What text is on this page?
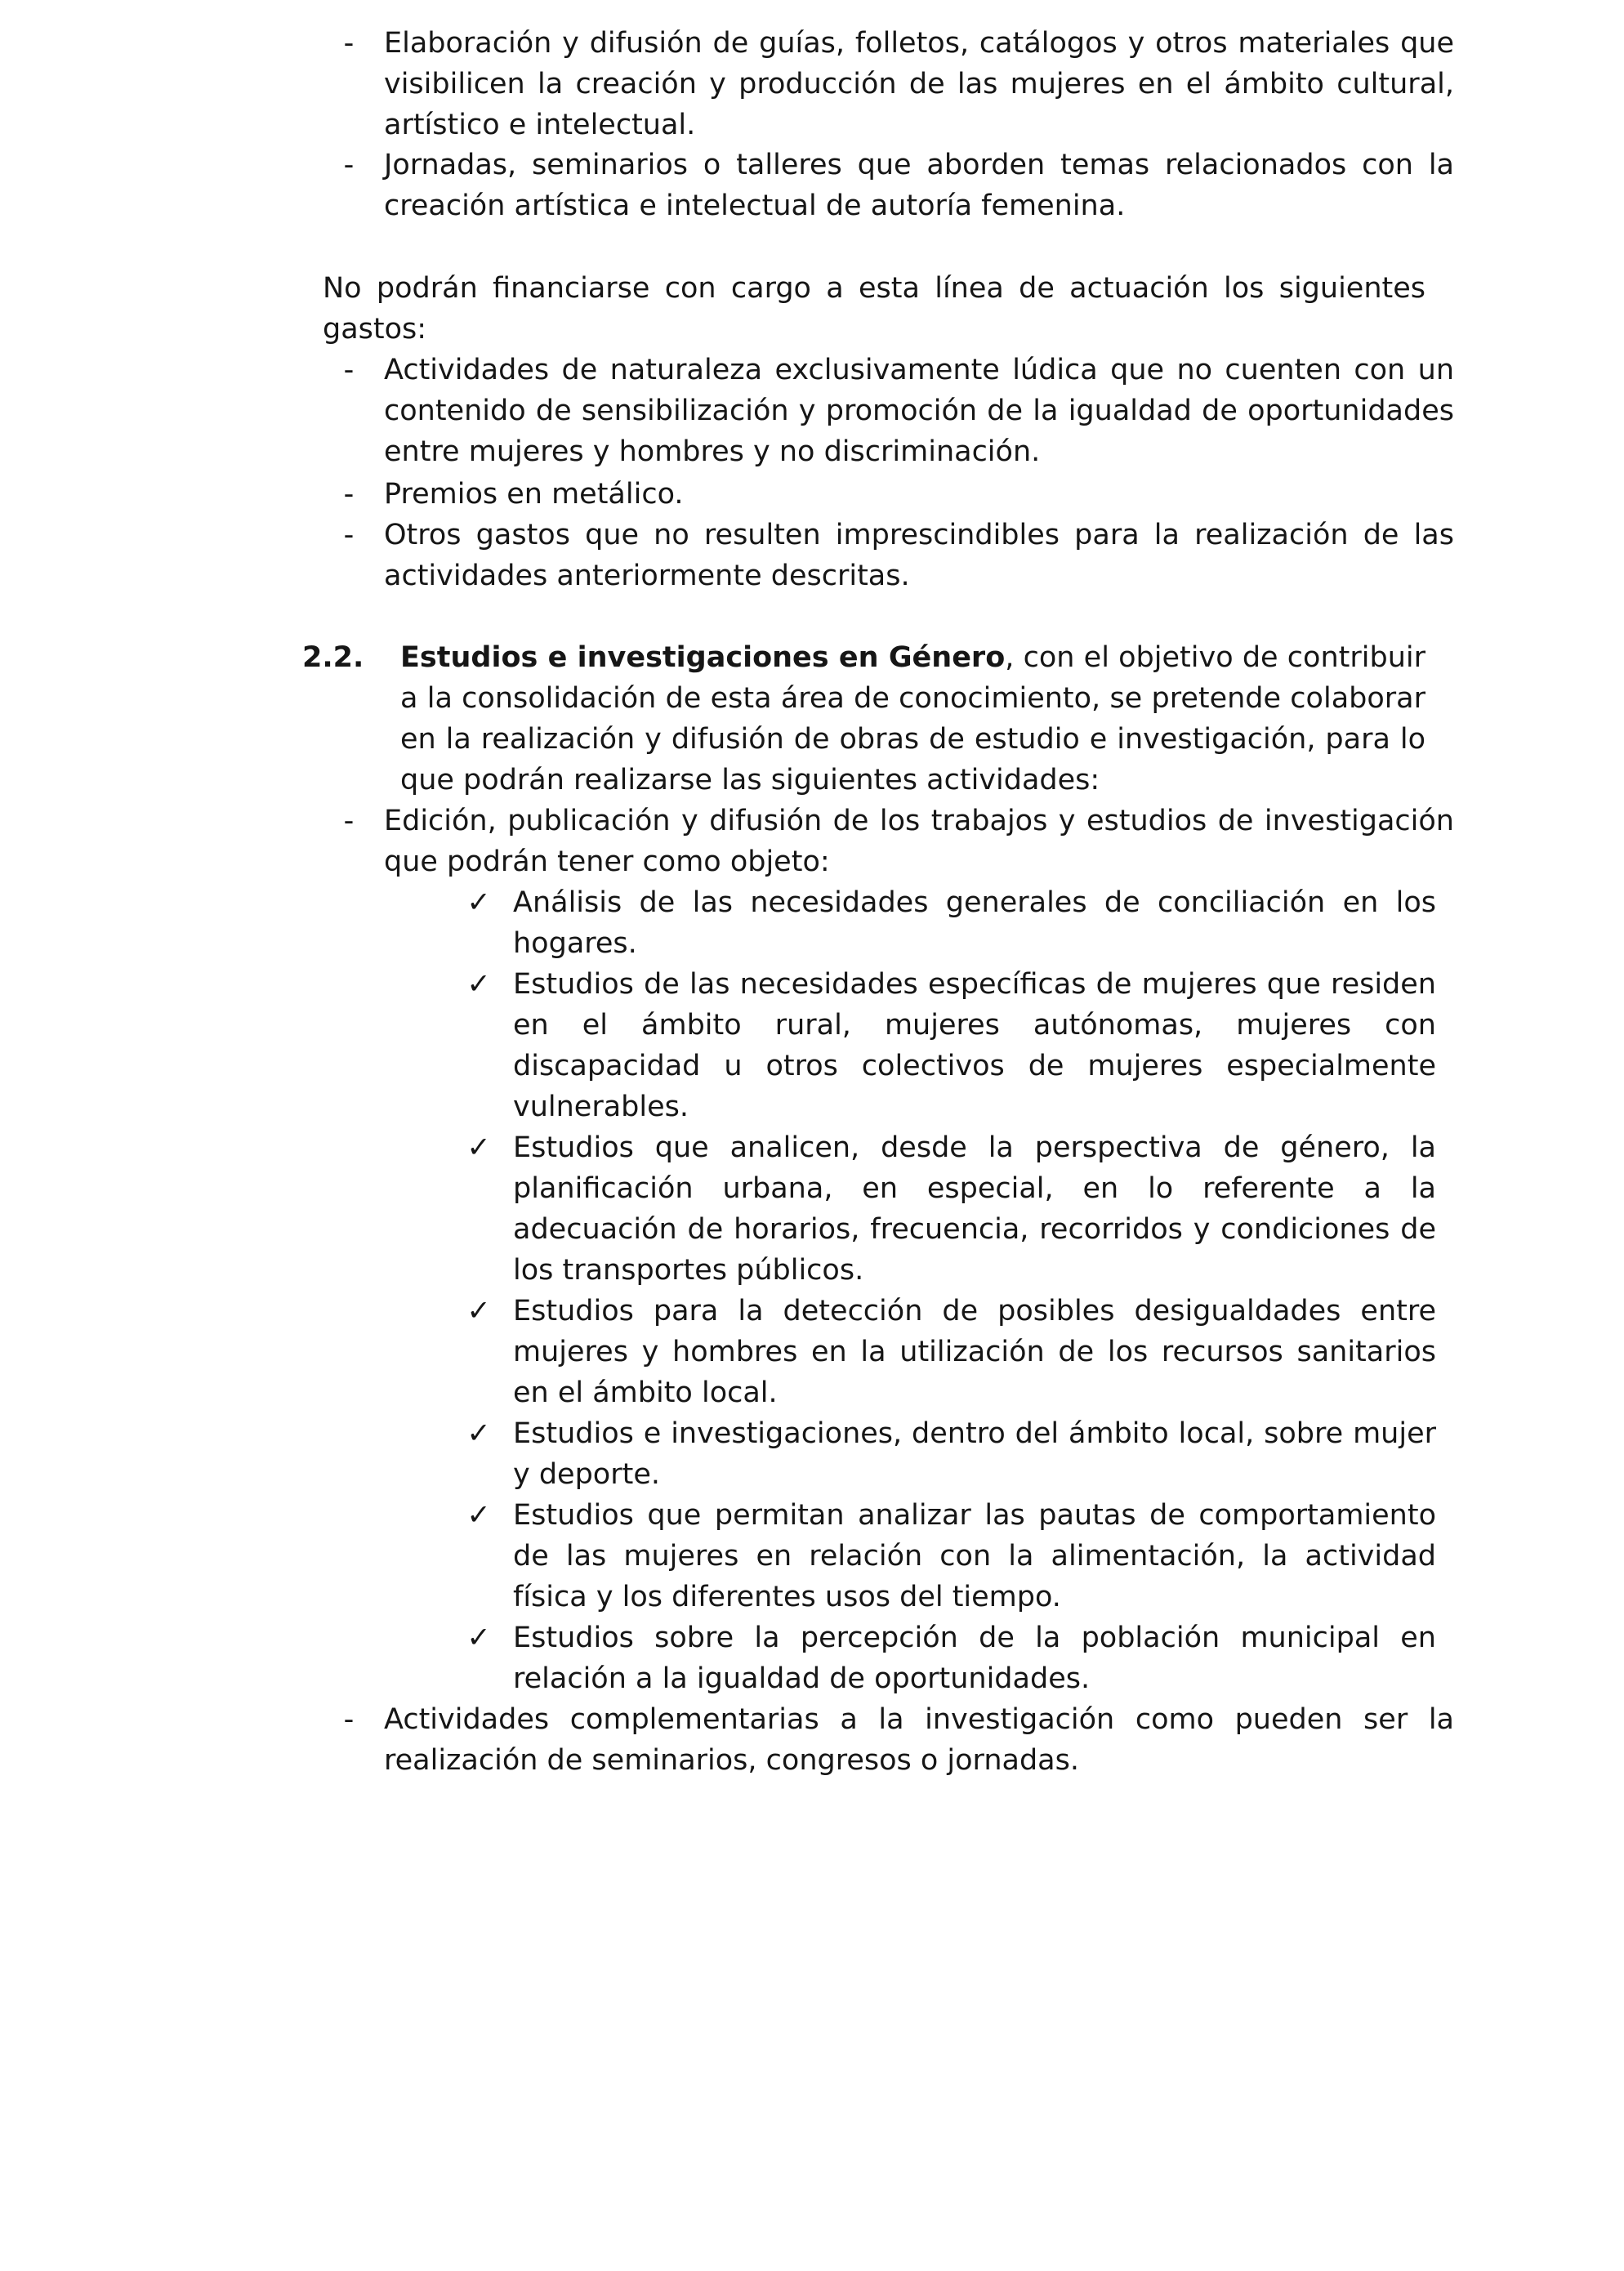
- Elaboración y difusión de guías, folletos, catálogos y otros materiales que visibilicen la creación y producción de las mujeres en el ámbito cultural, artístico e intelectual.

- Jornadas, seminarios o talleres que aborden temas relacionados con la creación artística e intelectual de autoría femenina.

No podrán financiarse con cargo a esta línea de actuación los siguientes gastos:

- Actividades de naturaleza exclusivamente lúdica que no cuenten con un contenido de sensibilización y promoción de la igualdad de oportunidades entre mujeres y hombres y no discriminación.

- Premios en metálico.

- Otros gastos que no resulten imprescindibles para la realización de las actividades anteriormente descritas.

2.2. Estudios e investigaciones en Género, con el objetivo de contribuir a la consolidación de esta área de conocimiento, se pretende colaborar en la realización y difusión de obras de estudio e investigación, para lo que podrán realizarse las siguientes actividades:

- Edición, publicación y difusión de los trabajos y estudios de investigación que podrán tener como objeto:

✓ Análisis de las necesidades generales de conciliación en los hogares.

✓ Estudios de las necesidades específicas de mujeres que residen en el ámbito rural, mujeres autónomas, mujeres con discapacidad u otros colectivos de mujeres especialmente vulnerables.

✓ Estudios que analicen, desde la perspectiva de género, la planificación urbana, en especial, en lo referente a la adecuación de horarios, frecuencia, recorridos y condiciones de los transportes públicos.

✓ Estudios para la detección de posibles desigualdades entre mujeres y hombres en la utilización de los recursos sanitarios en el ámbito local.

✓ Estudios e investigaciones, dentro del ámbito local, sobre mujer y deporte.

✓ Estudios que permitan analizar las pautas de comportamiento de las mujeres en relación con la alimentación, la actividad física y los diferentes usos del tiempo.

✓ Estudios sobre la percepción de la población municipal en relación a la igualdad de oportunidades.

- Actividades complementarias a la investigación como pueden ser la realización de seminarios, congresos o jornadas.
